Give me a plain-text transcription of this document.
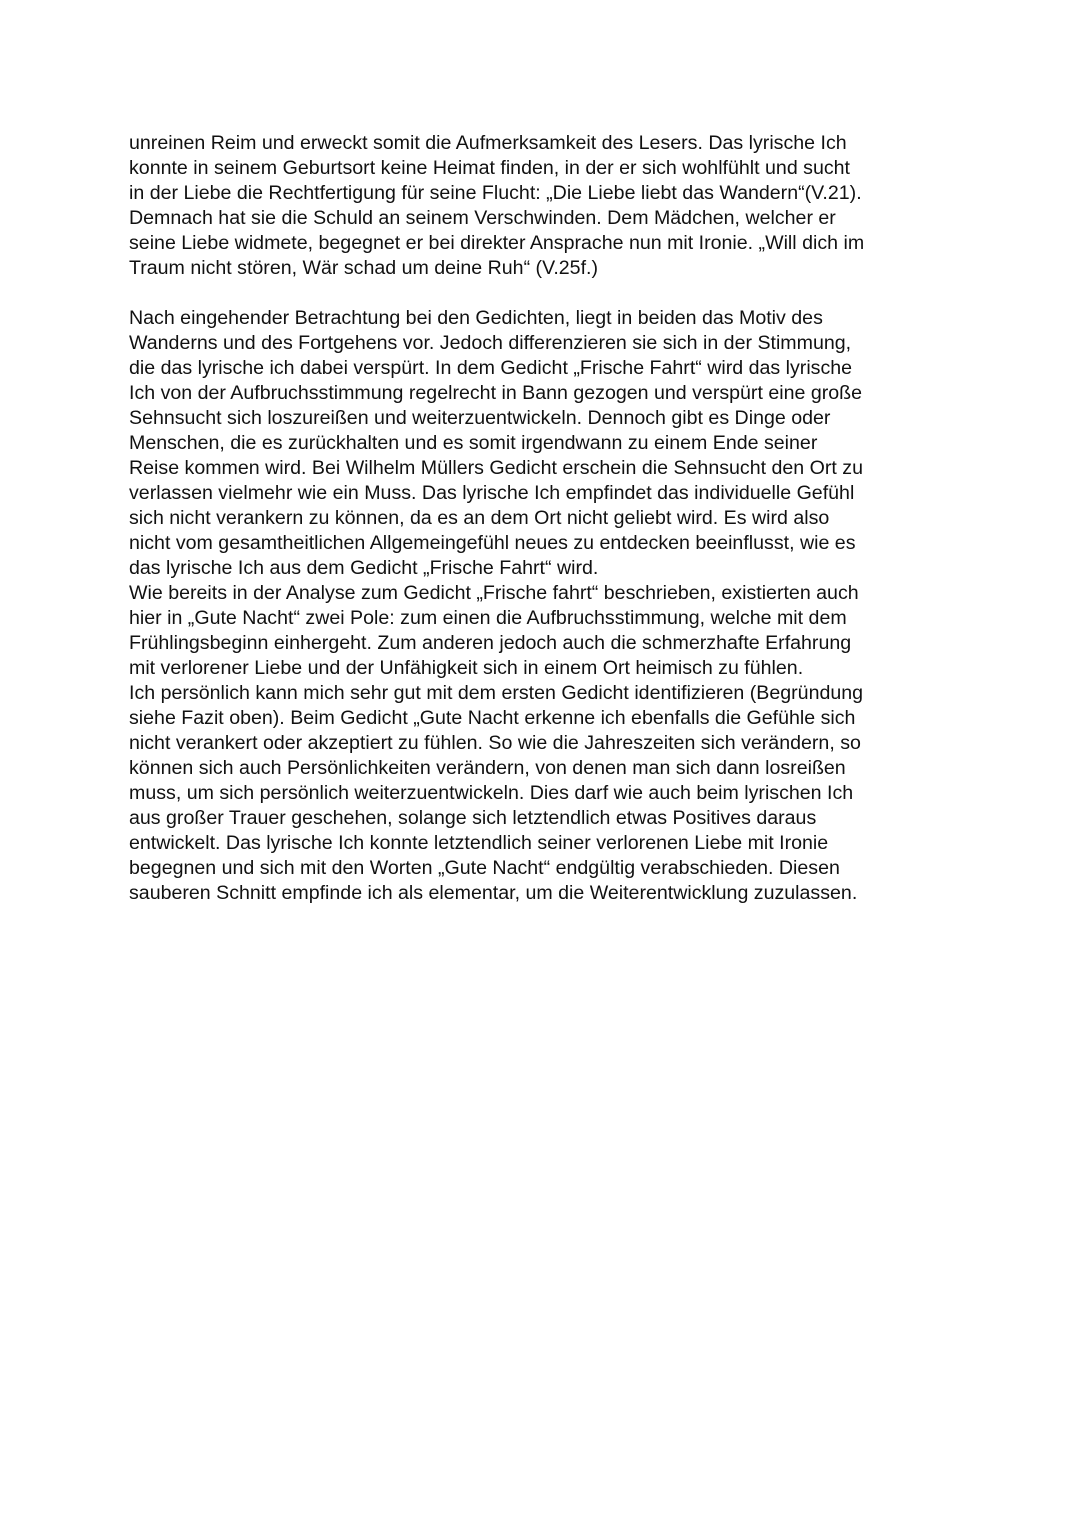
unreinen Reim und erweckt somit die Aufmerksamkeit des Lesers. Das lyrische Ich
konnte in seinem Geburtsort keine Heimat finden, in der er sich wohlfühlt und sucht
in der Liebe die Rechtfertigung für seine Flucht: „Die Liebe liebt das Wandern“(V.21).
Demnach hat sie die Schuld an seinem Verschwinden. Dem Mädchen, welcher er
seine Liebe widmete, begegnet er bei direkter Ansprache nun mit Ironie. „Will dich im
Traum nicht stören, Wär schad um deine Ruh“ (V.25f.)
Nach eingehender Betrachtung bei den Gedichten, liegt in beiden das Motiv des
Wanderns und des Fortgehens vor. Jedoch differenzieren sie sich in der Stimmung,
die das lyrische ich dabei verspürt. In dem Gedicht „Frische Fahrt“ wird das lyrische
Ich von der Aufbruchsstimmung regelrecht in Bann gezogen und verspürt eine große
Sehnsucht sich loszureißen und weiterzuentwickeln. Dennoch gibt es Dinge oder
Menschen, die es zurückhalten und es somit irgendwann zu einem Ende seiner
Reise kommen wird. Bei Wilhelm Müllers Gedicht erschein die Sehnsucht den Ort zu
verlassen vielmehr wie ein Muss. Das lyrische Ich empfindet das individuelle Gefühl
sich nicht verankern zu können, da es an dem Ort nicht geliebt wird. Es wird also
nicht vom gesamtheitlichen Allgemeingefühl neues zu entdecken beeinflusst, wie es
das lyrische Ich aus dem Gedicht „Frische Fahrt“ wird.
Wie bereits in der Analyse zum Gedicht „Frische fahrt“ beschrieben, existierten auch
hier in „Gute Nacht“ zwei Pole: zum einen die Aufbruchsstimmung, welche mit dem
Frühlingsbeginn einhergeht. Zum anderen jedoch auch die schmerzhafte Erfahrung
mit verlorener Liebe und der Unfähigkeit sich in einem Ort heimisch zu fühlen.
Ich persönlich kann mich sehr gut mit dem ersten Gedicht identifizieren (Begründung
siehe Fazit oben). Beim Gedicht „Gute Nacht erkenne ich ebenfalls die Gefühle sich
nicht verankert oder akzeptiert zu fühlen. So wie die Jahreszeiten sich verändern, so
können sich auch Persönlichkeiten verändern, von denen man sich dann losreißen
muss, um sich persönlich weiterzuentwickeln. Dies darf wie auch beim lyrischen Ich
aus großer Trauer geschehen, solange sich letztendlich etwas Positives daraus
entwickelt. Das lyrische Ich konnte letztendlich seiner verlorenen Liebe mit Ironie
begegnen und sich mit den Worten „Gute Nacht“ endgültig verabschieden. Diesen
sauberen Schnitt empfinde ich als elementar, um die Weiterentwicklung zuzulassen.
